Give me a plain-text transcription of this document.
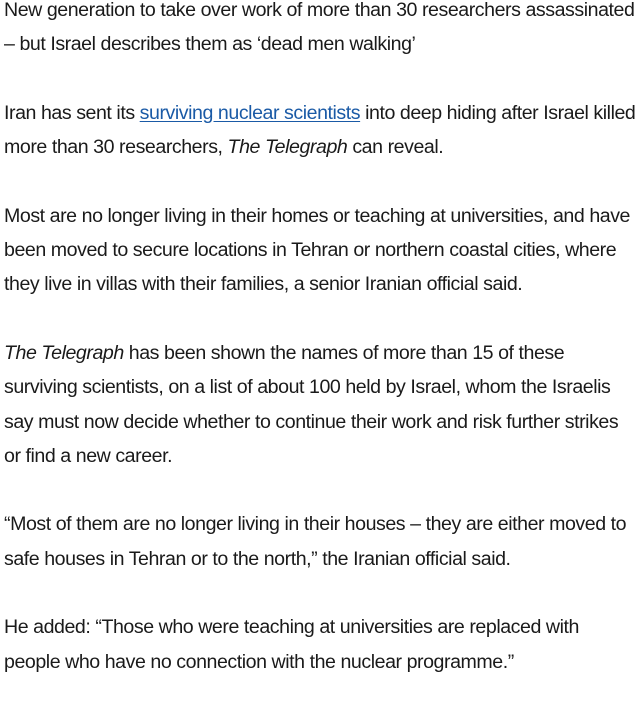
New generation to take over work of more than 30 researchers assassinated – but Israel describes them as ‘dead men walking’

Iran has sent its surviving nuclear scientists into deep hiding after Israel killed more than 30 researchers, The Telegraph can reveal.

Most are no longer living in their homes or teaching at universities, and have been moved to secure locations in Tehran or northern coastal cities, where they live in villas with their families, a senior Iranian official said.

The Telegraph has been shown the names of more than 15 of these surviving scientists, on a list of about 100 held by Israel, whom the Israelis say must now decide whether to continue their work and risk further strikes or find a new career.

“Most of them are no longer living in their houses – they are either moved to safe houses in Tehran or to the north,” the Iranian official said.

He added: “Those who were teaching at universities are replaced with people who have no connection with the nuclear programme.”
